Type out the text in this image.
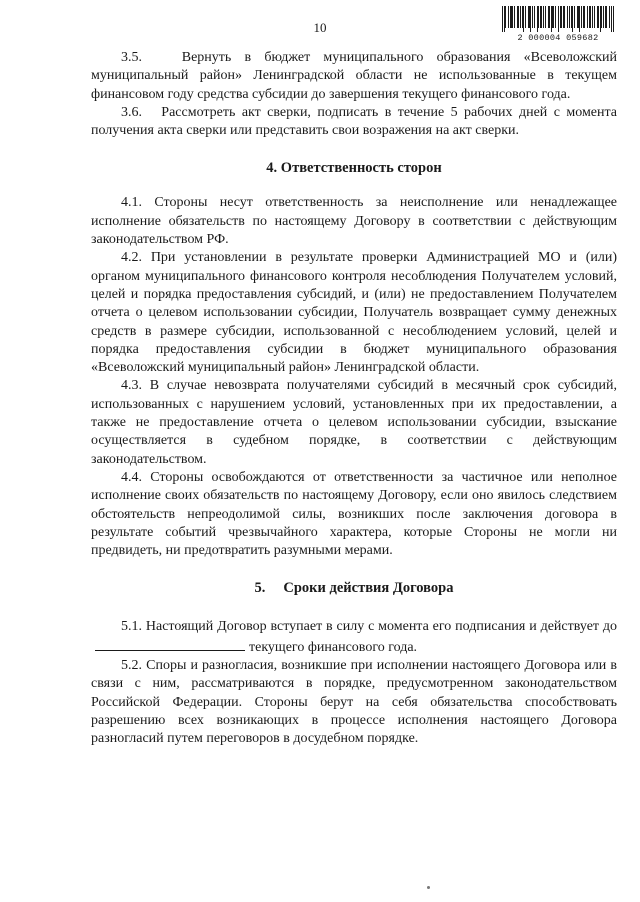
10
2 000004 059682

3.5.	Вернуть в бюджет муниципального образования «Всеволожский муниципальный район» Ленинградской области не использованные в текущем финансовом году средства субсидии до завершения текущего финансового года.

3.6. Рассмотреть акт сверки, подписать в течение 5 рабочих дней с момента получения акта сверки или представить свои возражения на акт сверки.

4. Ответственность сторон

4.1. Стороны несут ответственность за неисполнение или ненадлежащее исполнение обязательств по настоящему Договору в соответствии с действующим законодательством РФ.

4.2. При установлении в результате проверки Администрацией МО и (или) органом муниципального финансового контроля несоблюдения Получателем условий, целей и порядка предоставления субсидий, и (или) не предоставлением Получателем отчета о целевом использовании субсидии, Получатель возвращает сумму денежных средств в размере субсидии, использованной с несоблюдением условий, целей и порядка предоставления субсидии в бюджет муниципального образования «Всеволожский муниципальный район» Ленинградской области.

4.3. В случае невозврата получателями субсидий в месячный срок субсидий, использованных с нарушением условий, установленных при их предоставлении, а также не предоставление отчета о целевом использовании субсидии, взыскание осуществляется в судебном порядке, в соответствии с действующим законодательством.

4.4. Стороны освобождаются от ответственности за частичное или неполное исполнение своих обязательств по настоящему Договору, если оно явилось следствием обстоятельств непреодолимой силы, возникших после заключения договора в результате событий чрезвычайного характера, которые Стороны не могли ни предвидеть, ни предотвратить разумными мерами.

5. Сроки действия Договора

5.1. Настоящий Договор вступает в силу с момента его подписания и действует дотекущего финансового года.

5.2. Споры и разногласия, возникшие при исполнении настоящего Договора или в связи с ним, рассматриваются в порядке, предусмотренном законодательством Российской Федерации. Стороны берут на себя обязательства способствовать разрешению всех возникающих в процессе исполнения настоящего Договора разногласий путем переговоров в досудебном порядке.
